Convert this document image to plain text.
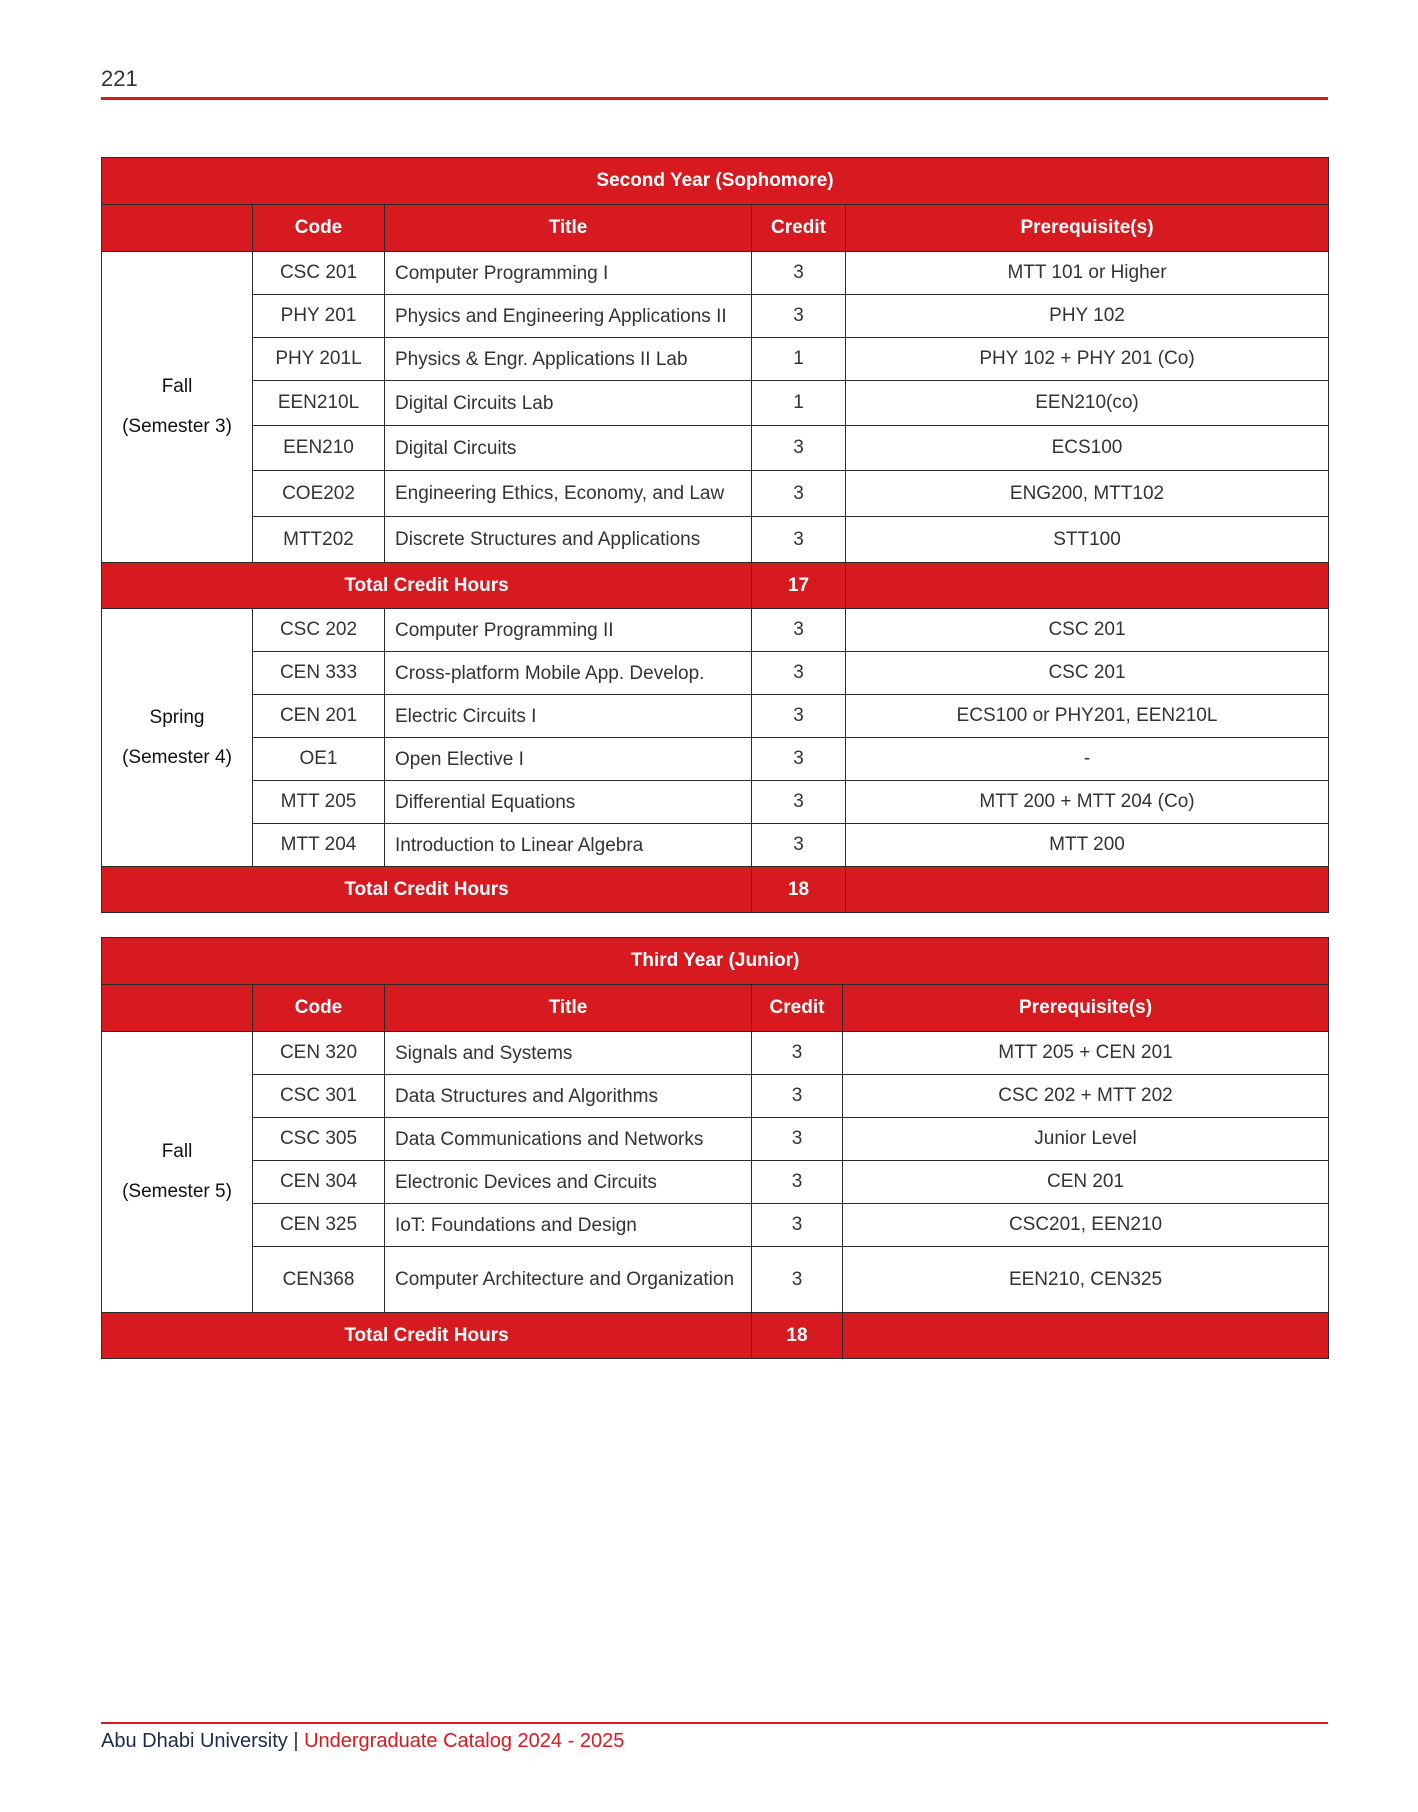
221
Second Year (Sophomore)				
	Code	Title	Credit	Prerequisite(s)

Fall
(Semester 3)	CSC 201	Computer Programming I	3	MTT 101 or Higher
	PHY 201	Physics and Engineering Applications II	3	PHY 102
	PHY 201L	Physics & Engr. Applications II Lab	1	PHY 102 + PHY 201 (Co)
	EEN210L	Digital Circuits Lab	1	EEN210(co)
	EEN210	Digital Circuits	3	ECS100
	COE202	Engineering Ethics, Economy, and Law	3	ENG200, MTT102
	MTT202	Discrete Structures and Applications	3	STT100
Total Credit Hours			17	

Spring
(Semester 4)	CSC 202	Computer Programming II	3	CSC 201
	CEN 333	Cross-platform Mobile App. Develop.	3	CSC 201
	CEN 201	Electric Circuits I	3	ECS100 or PHY201, EEN210L
	OE1	Open Elective I	3	-
	MTT 205	Differential Equations	3	MTT 200 + MTT 204 (Co)
	MTT 204	Introduction to Linear Algebra	3	MTT 200
Total Credit Hours			18	
Third Year (Junior)				
	Code	Title	Credit	Prerequisite(s)

Fall
(Semester 5)	CEN 320	Signals and Systems	3	MTT 205 + CEN 201
	CSC 301	Data Structures and Algorithms	3	CSC 202 + MTT 202
	CSC 305	Data Communications and Networks	3	Junior Level
	CEN 304	Electronic Devices and Circuits	3	CEN 201
	CEN 325	IoT: Foundations and Design	3	CSC201, EEN210
	CEN368	Computer Architecture and Organization	3	EEN210, CEN325
Total Credit Hours			18	
Abu Dhabi University | Undergraduate Catalog 2024 - 2025
